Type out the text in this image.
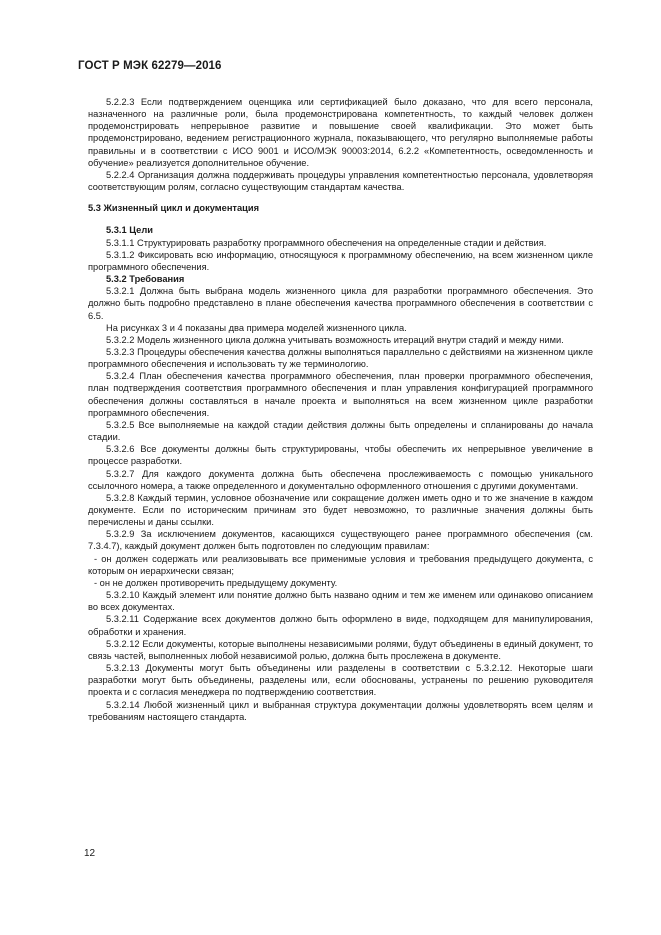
ГОСТ Р МЭК 62279—2016

5.2.2.3 Если подтверждением оценщика или сертификацией было доказано, что для всего персонала, назначенного на различные роли, была продемонстрирована компетентность, то каждый человек должен продемонстрировать непрерывное развитие и повышение своей квалификации. Это может быть продемонстрировано, ведением регистрационного журнала, показывающего, что регулярно выполняемые работы правильны и в соответствии с ИСО 9001 и ИСО/МЭК 90003:2014, 6.2.2 «Компетентность, осведомленность и обучение» реализуется дополнительное обучение.

5.2.2.4 Организация должна поддерживать процедуры управления компетентностью персонала, удовлетворяя соответствующим ролям, согласно существующим стандартам качества.

5.3 Жизненный цикл и документация

5.3.1 Цели

5.3.1.1 Структурировать разработку программного обеспечения на определенные стадии и действия.

5.3.1.2 Фиксировать всю информацию, относящуюся к программному обеспечению, на всем жизненном цикле программного обеспечения.

5.3.2 Требования

5.3.2.1 Должна быть выбрана модель жизненного цикла для разработки программного обеспечения. Это должно быть подробно представлено в плане обеспечения качества программного обеспечения в соответствии с 6.5.

На рисунках 3 и 4 показаны два примера моделей жизненного цикла.

5.3.2.2 Модель жизненного цикла должна учитывать возможность итераций внутри стадий и между ними.

5.3.2.3 Процедуры обеспечения качества должны выполняться параллельно с действиями на жизненном цикле программного обеспечения и использовать ту же терминологию.

5.3.2.4 План обеспечения качества программного обеспечения, план проверки программного обеспечения, план подтверждения соответствия программного обеспечения и план управления конфигурацией программного обеспечения должны составляться в начале проекта и выполняться на всем жизненном цикле разработки программного обеспечения.

5.3.2.5 Все выполняемые на каждой стадии действия должны быть определены и спланированы до начала стадии.

5.3.2.6 Все документы должны быть структурированы, чтобы обеспечить их непрерывное увеличение в процессе разработки.

5.3.2.7 Для каждого документа должна быть обеспечена прослеживаемость с помощью уникального ссылочного номера, а также определенного и документально оформленного отношения с другими документами.

5.3.2.8 Каждый термин, условное обозначение или сокращение должен иметь одно и то же значение в каждом документе. Если по историческим причинам это будет невозможно, то различные значения должны быть перечислены и даны ссылки.

5.3.2.9 За исключением документов, касающихся существующего ранее программного обеспечения (см. 7.3.4.7), каждый документ должен быть подготовлен по следующим правилам:

- он должен содержать или реализовывать все применимые условия и требования предыдущего документа, с которым он иерархически связан;

- он не должен противоречить предыдущему документу.

5.3.2.10 Каждый элемент или понятие должно быть названо одним и тем же именем или одинаково описанием во всех документах.

5.3.2.11 Содержание всех документов должно быть оформлено в виде, подходящем для манипулирования, обработки и хранения.

5.3.2.12 Если документы, которые выполнены независимыми ролями, будут объединены в единый документ, то связь частей, выполненных любой независимой ролью, должна быть прослежена в документе.

5.3.2.13 Документы могут быть объединены или разделены в соответствии с 5.3.2.12. Некоторые шаги разработки могут быть объединены, разделены или, если обоснованы, устранены по решению руководителя проекта и с согласия менеджера по подтверждению соответствия.

5.3.2.14 Любой жизненный цикл и выбранная структура документации должны удовлетворять всем целям и требованиям настоящего стандарта.

12
